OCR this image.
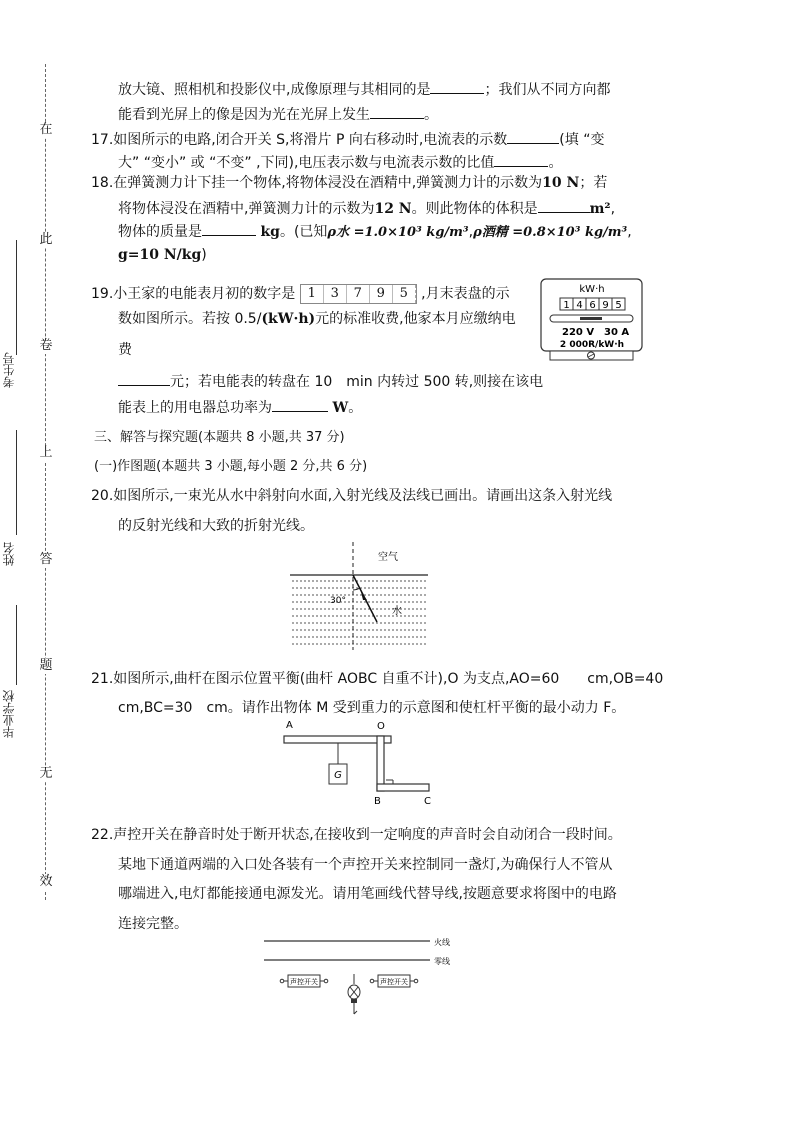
在
此
卷
上
答
题
无
效
考生号
姓名
毕业学校
放大镜、照相机和投影仪中,成像原理与其相同的是	；我们从不同方向都
能看到光屏上的像是因为光在光屏上发生	。
17.如图所示的电路,闭合开关 S,将滑片 P 向右移动时,电流表的示数	(填 “变
大” “变小” 或 “不变” ,下同),电压表示数与电流表示数的比值	。
18.在弹簧测力计下挂一个物体,将物体浸没在酒精中,弹簧测力计的示数为10 N；若
将物体浸没在酒精中,弹簧测力计的示数为12 N。则此物体的体积是	m²,
物体的质量是	kg。(已知ρ水 =1.0×10³ kg/m³,ρ酒精 =0.8×10³ kg/m³,
g=10 N/kg)
19.小王家的电能表月初的数字是 1 3 7 9 5 ,月末表盘的示
数如图所示。若按 0.5/(kW·h)元的标准收费,他家本月应缴纳电
费
元；若电能表的转盘在 10　min 内转过 500 转,则接在该电
能表上的用电器总功率为	W。
kW·h
1 4 6 9 5
220 V 30 A
2 000R/kW·h
三、解答与探究题(本题共 8 小题,共 37 分)
(一)作图题(本题共 3 小题,每小题 2 分,共 6 分)
20.如图所示,一束光从水中斜射向水面,入射光线及法线已画出。请画出这条入射光线
的反射光线和大致的折射光线。
空气
水
30°
21.如图所示,曲杆在图示位置平衡(曲杆 AOBC 自重不计),O 为支点,AO=60　　cm,OB=40
cm,BC=30　cm。请作出物体 M 受到重力的示意图和使杠杆平衡的最小动力 F。
G
A	O
B	C
22.声控开关在静音时处于断开状态,在接收到一定响度的声音时会自动闭合一段时间。
某地下通道两端的入口处各装有一个声控开关来控制同一盏灯,为确保行人不管从
哪端进入,电灯都能接通电源发光。请用笔画线代替导线,按题意要求将图中的电路
连接完整。
火线
零线
声控开关	声控开关
